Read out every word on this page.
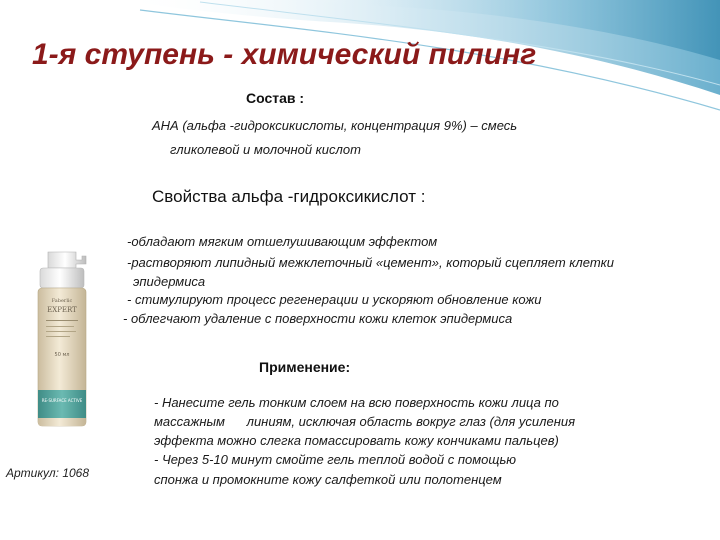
1-я ступень - химический пилинг
Состав :
АНА (альфа -гидроксикислоты, концентрация 9%) – смесь
гликолевой и молочной кислот
Свойства альфа -гидроксикислот :
-обладают мягким отшелушивающим эффектом
-растворяют липидный межклеточный «цемент», который сцепляет клетки
эпидермиса
- стимулируют процесс регенерации и ускоряют обновление кожи
- облегчают удаление с поверхности кожи клеток эпидермиса
Применение:
- Нанесите гель тонким слоем на всю поверхность кожи лица по
массажным      линиям, исключая область вокруг глаз (для усиления
эффекта можно слегка помассировать кожу кончиками пальцев)
- Через 5-10 минут смойте гель теплой водой с помощью
спонжа и промокните кожу салфеткой или полотенцем
Faberlic
EXPERT
50 мл
RE-SURFACE ACTIVE
Артикул: 1068
